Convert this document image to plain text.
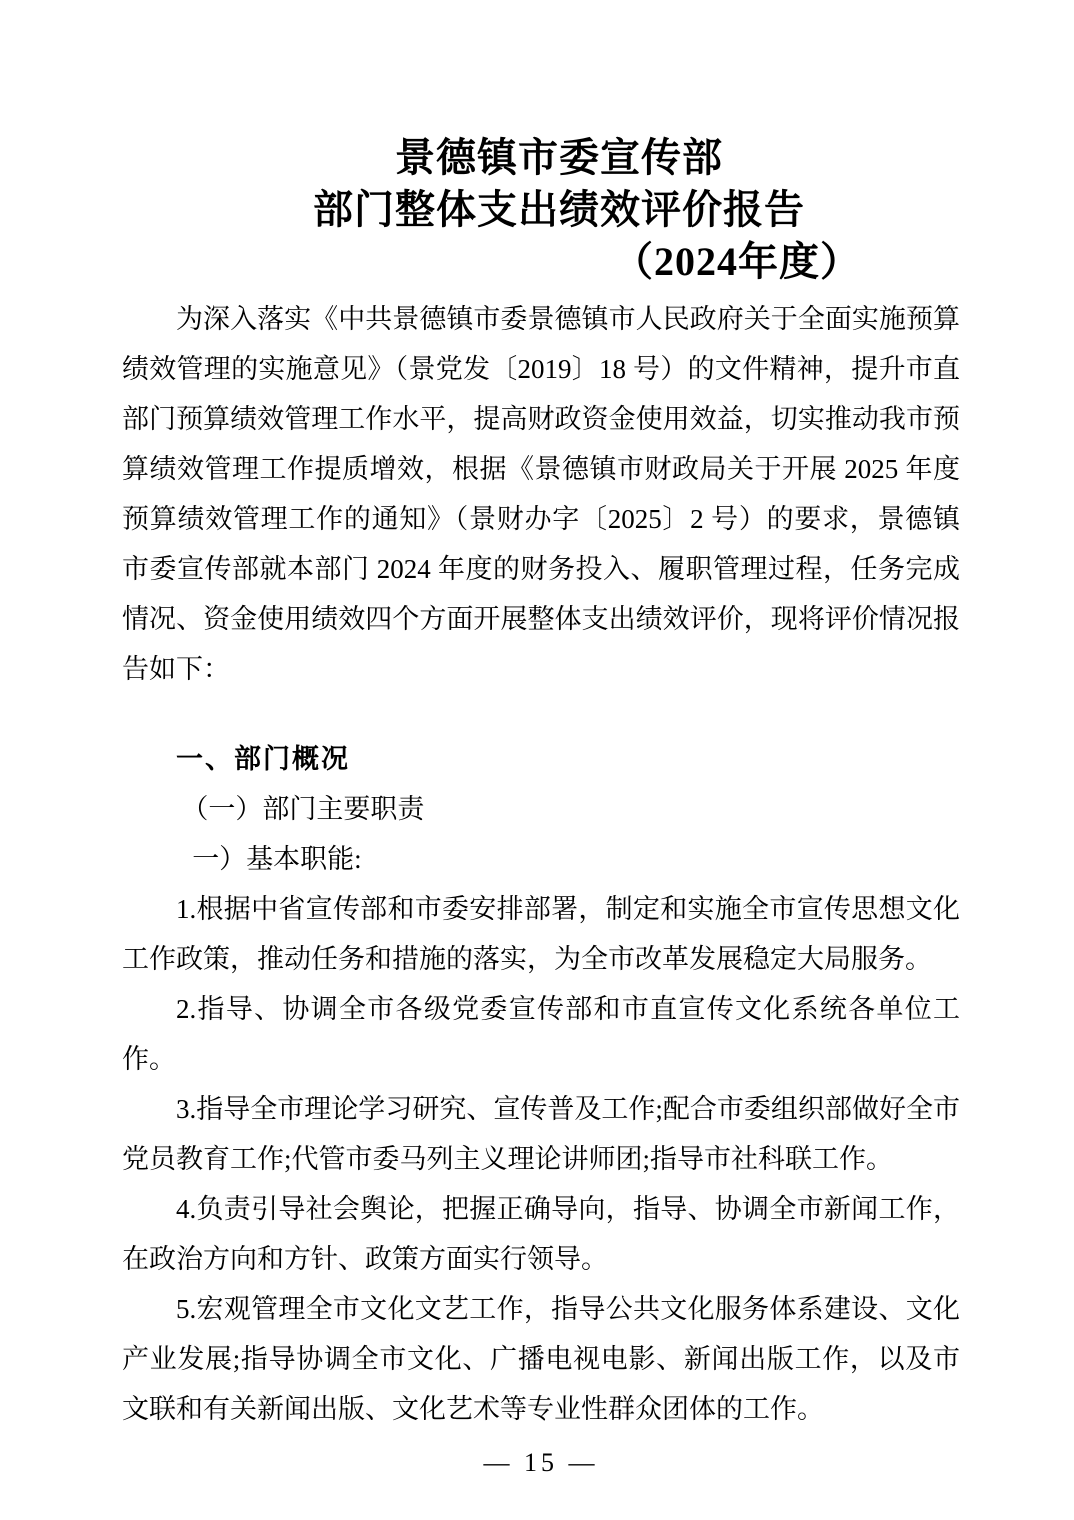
景德镇市委宣传部
部门整体支出绩效评价报告
（2024年度）

为深入落实《中共景德镇市委景德镇市人民政府关于全面实施预算绩效管理的实施意见》（景党发〔2019〕18 号）的文件精神，提升市直部门预算绩效管理工作水平，提高财政资金使用效益，切实推动我市预算绩效管理工作提质增效，根据《景德镇市财政局关于开展 2025 年度预算绩效管理工作的通知》（景财办字〔2025〕2 号）的要求，景德镇市委宣传部就本部门 2024 年度的财务投入、履职管理过程，任务完成情况、资金使用绩效四个方面开展整体支出绩效评价，现将评价情况报告如下：

一、部门概况

（一）部门主要职责

一）基本职能:

1.根据中省宣传部和市委安排部署，制定和实施全市宣传思想文化工作政策，推动任务和措施的落实，为全市改革发展稳定大局服务。

2.指导、协调全市各级党委宣传部和市直宣传文化系统各单位工作。

3.指导全市理论学习研究、宣传普及工作;配合市委组织部做好全市党员教育工作;代管市委马列主义理论讲师团;指导市社科联工作。

4.负责引导社会舆论，把握正确导向，指导、协调全市新闻工作，在政治方向和方针、政策方面实行领导。

5.宏观管理全市文化文艺工作，指导公共文化服务体系建设、文化产业发展;指导协调全市文化、广播电视电影、新闻出版工作，以及市文联和有关新闻出版、文化艺术等专业性群众团体的工作。

— 15 —
